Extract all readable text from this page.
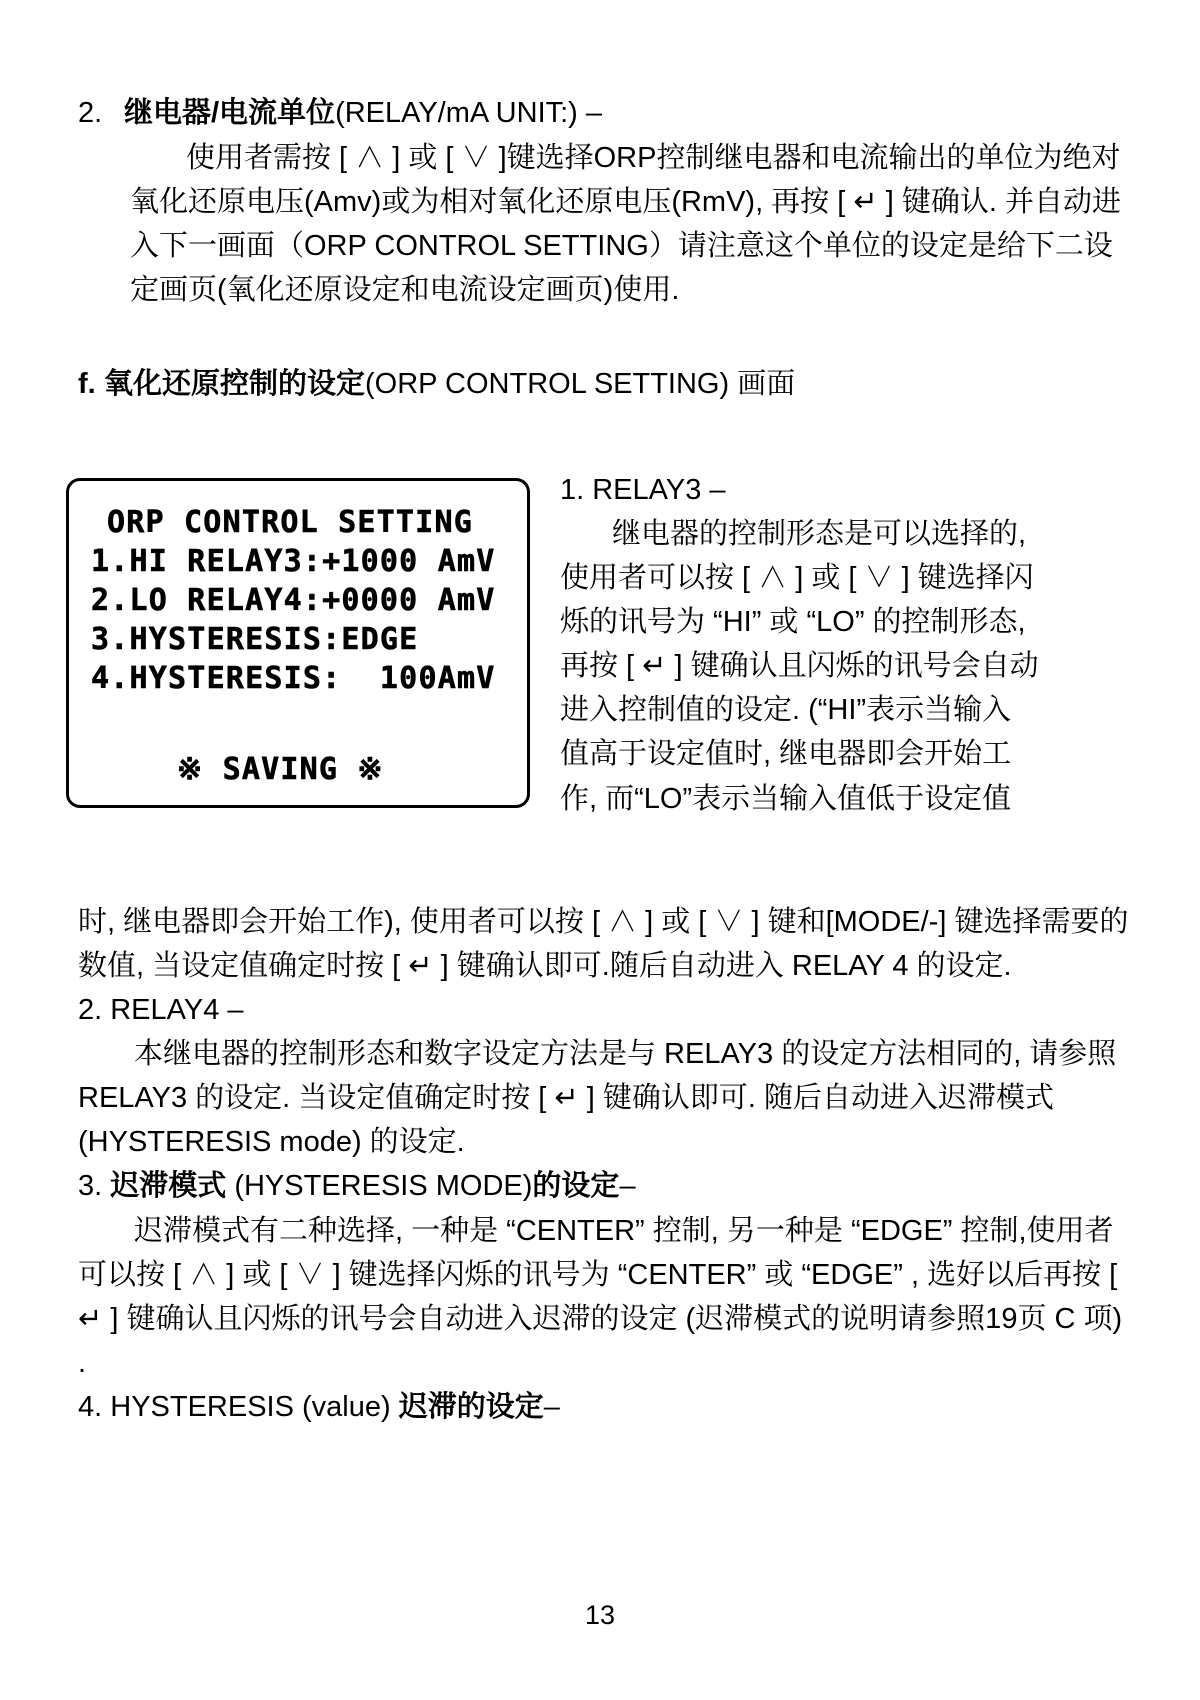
2. 继电器/电流单位(RELAY/mA UNIT:) –
使用者需按 [ ∧ ] 或 [ ∨ ]键选择ORP控制继电器和电流输出的单位为绝对氧化还原电压(Amv)或为相对氧化还原电压(RmV), 再按 [ ↵ ] 键确认. 并自动进入下一画面（ORP CONTROL SETTING）请注意这个单位的设定是给下二设定画页(氧化还原设定和电流设定画页)使用.
f. 氧化还原控制的设定(ORP CONTROL SETTING) 画面
ORP CONTROL SETTING
1.HI RELAY3:+1000 AmV
2.LO RELAY4:+0000 AmV
3.HYSTERESIS:EDGE
4.HYSTERESIS:  100AmV
※ SAVING ※
1. RELAY3 –
继电器的控制形态是可以选择的, 使用者可以按 [ ∧ ] 或 [ ∨ ] 键选择闪烁的讯号为 “HI” 或 “LO” 的控制形态, 再按 [ ↵ ] 键确认且闪烁的讯号会自动进入控制值的设定. (“HI”表示当输入值高于设定值时, 继电器即会开始工作, 而“LO”表示当输入值低于设定值

时, 继电器即会开始工作), 使用者可以按 [ ∧ ] 或 [ ∨ ] 键和[MODE/-] 键选择需要的数值, 当设定值确定时按 [ ↵ ] 键确认即可.随后自动进入 RELAY 4 的设定.

2. RELAY4 –

本继电器的控制形态和数字设定方法是与 RELAY3 的设定方法相同的, 请参照 RELAY3 的设定. 当设定值确定时按 [ ↵ ] 键确认即可. 随后自动进入迟滞模式 (HYSTERESIS mode) 的设定.

3. 迟滞模式 (HYSTERESIS MODE)的设定–

迟滞模式有二种选择, 一种是 “CENTER” 控制, 另一种是 “EDGE” 控制,使用者可以按 [ ∧ ] 或 [ ∨ ] 键选择闪烁的讯号为 “CENTER” 或 “EDGE” , 选好以后再按 [ ↵ ] 键确认且闪烁的讯号会自动进入迟滞的设定 (迟滞模式的说明请参照19页 C 项) .

4. HYSTERESIS (value) 迟滞的设定–

13
